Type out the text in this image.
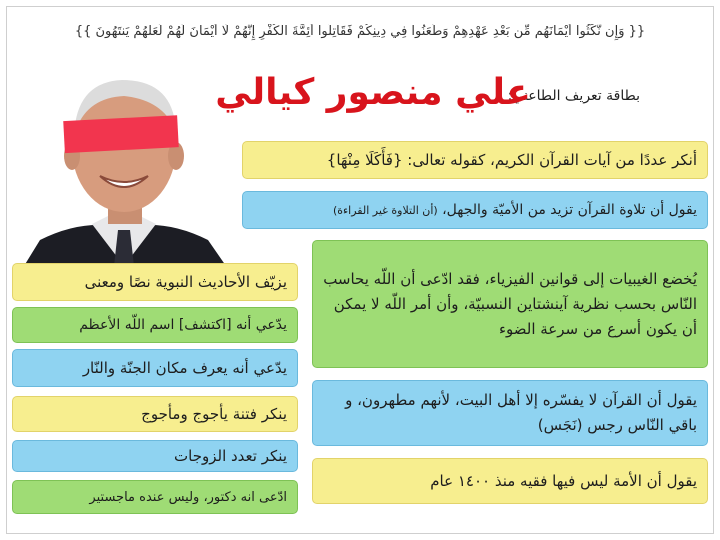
{{ وَإِن نَّكَثُوا أَيْمَانَهُم مِّن بَعْدِ عَهْدِهِمْ وَطَعَنُوا فِي دِينِكُمْ فَقَاتِلُوا أَئِمَّةَ الْكُفْرِ إِنَّهُمْ لَا أَيْمَانَ لَهُمْ لَعَلَّهُمْ يَنتَهُونَ }}
بطاقة تعريف الطاعني:
علي منصور كيالي
أنكر عددًا من آيات القرآن الكريم، كقوله تعالى: {فَأَكَلَا مِنْهَا}
يقول أن تلاوة القرآن تزيد من الأميّة والجهل، (أن التلاوة غير القراءة)
يُخضع الغيبيات إلى قوانين الفيزياء، فقد ادّعى أن اللّه يحاسب النّاس بحسب نظرية آينشتاين النسبيّة، وأن أمر اللّه لا يمكن أن يكون أسرع من سرعة الضوء
يقول أن القرآن لا يفسّره إلا أهل البيت، لأنهم مطهرون، و باقي النّاس رجس (نَجَس)
يقول أن الأمة ليس فيها فقيه منذ ١٤٠٠ عام
يزيّف الأحاديث النبوية نصًا ومعنى
يدّعي أنه [اكتشف] اسم اللّه الأعظم
يدّعي أنه يعرف مكان الجنّة والنّار
ينكر فتنة يأجوج ومأجوج
ينكر تعدد الزوجات
ادّعى انه دكتور، وليس عنده ماجستير
